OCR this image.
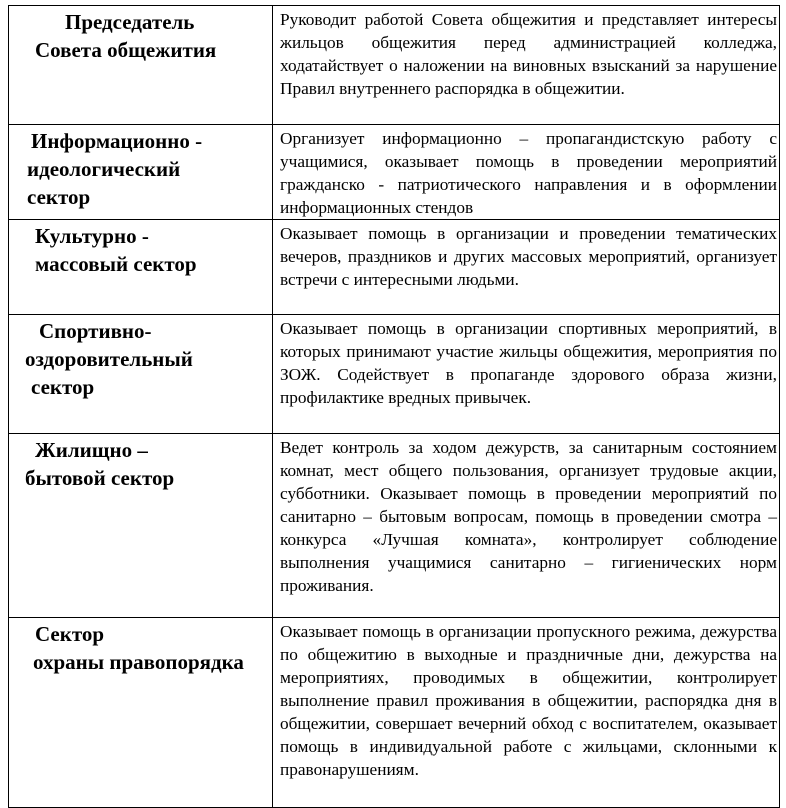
Председатель
Совета общежития	Руководит работой Совета общежития и представляет интересы жильцов общежития перед администрацией колледжа, ходатайствует о наложении на виновных взысканий за нарушение Правил внутреннего распорядка в общежитии.

Информационно -
идеологический
сектор	Организует информационно – пропагандистскую работу с учащимися, оказывает помощь в проведении мероприятий гражданско - патриотического направления и в оформлении информационных стендов

Культурно -
массовый сектор	Оказывает помощь в организации и проведении тематических вечеров, праздников и других массовых мероприятий, организует встречи с интересными людьми.

Спортивно-
оздоровительный
сектор	Оказывает помощь в организации спортивных мероприятий, в которых принимают участие жильцы общежития, мероприятия по ЗОЖ. Содействует в пропаганде здорового образа жизни, профилактике вредных привычек.

Жилищно –
бытовой сектор	Ведет контроль за ходом дежурств, за санитарным состоянием комнат, мест общего пользования, организует трудовые акции, субботники. Оказывает помощь в проведении мероприятий по санитарно – бытовым вопросам, помощь в проведении смотра – конкурса «Лучшая комната», контролирует соблюдение выполнения учащимися санитарно – гигиенических норм проживания.

Сектор
охраны правопорядка	Оказывает помощь в организации пропускного режима, дежурства по общежитию в выходные и праздничные дни, дежурства на мероприятиях, проводимых в общежитии, контролирует выполнение правил проживания в общежитии, распорядка дня в общежитии, совершает вечерний обход с воспитателем, оказывает помощь в индивидуальной работе с жильцами, склонными к правонарушениям.
